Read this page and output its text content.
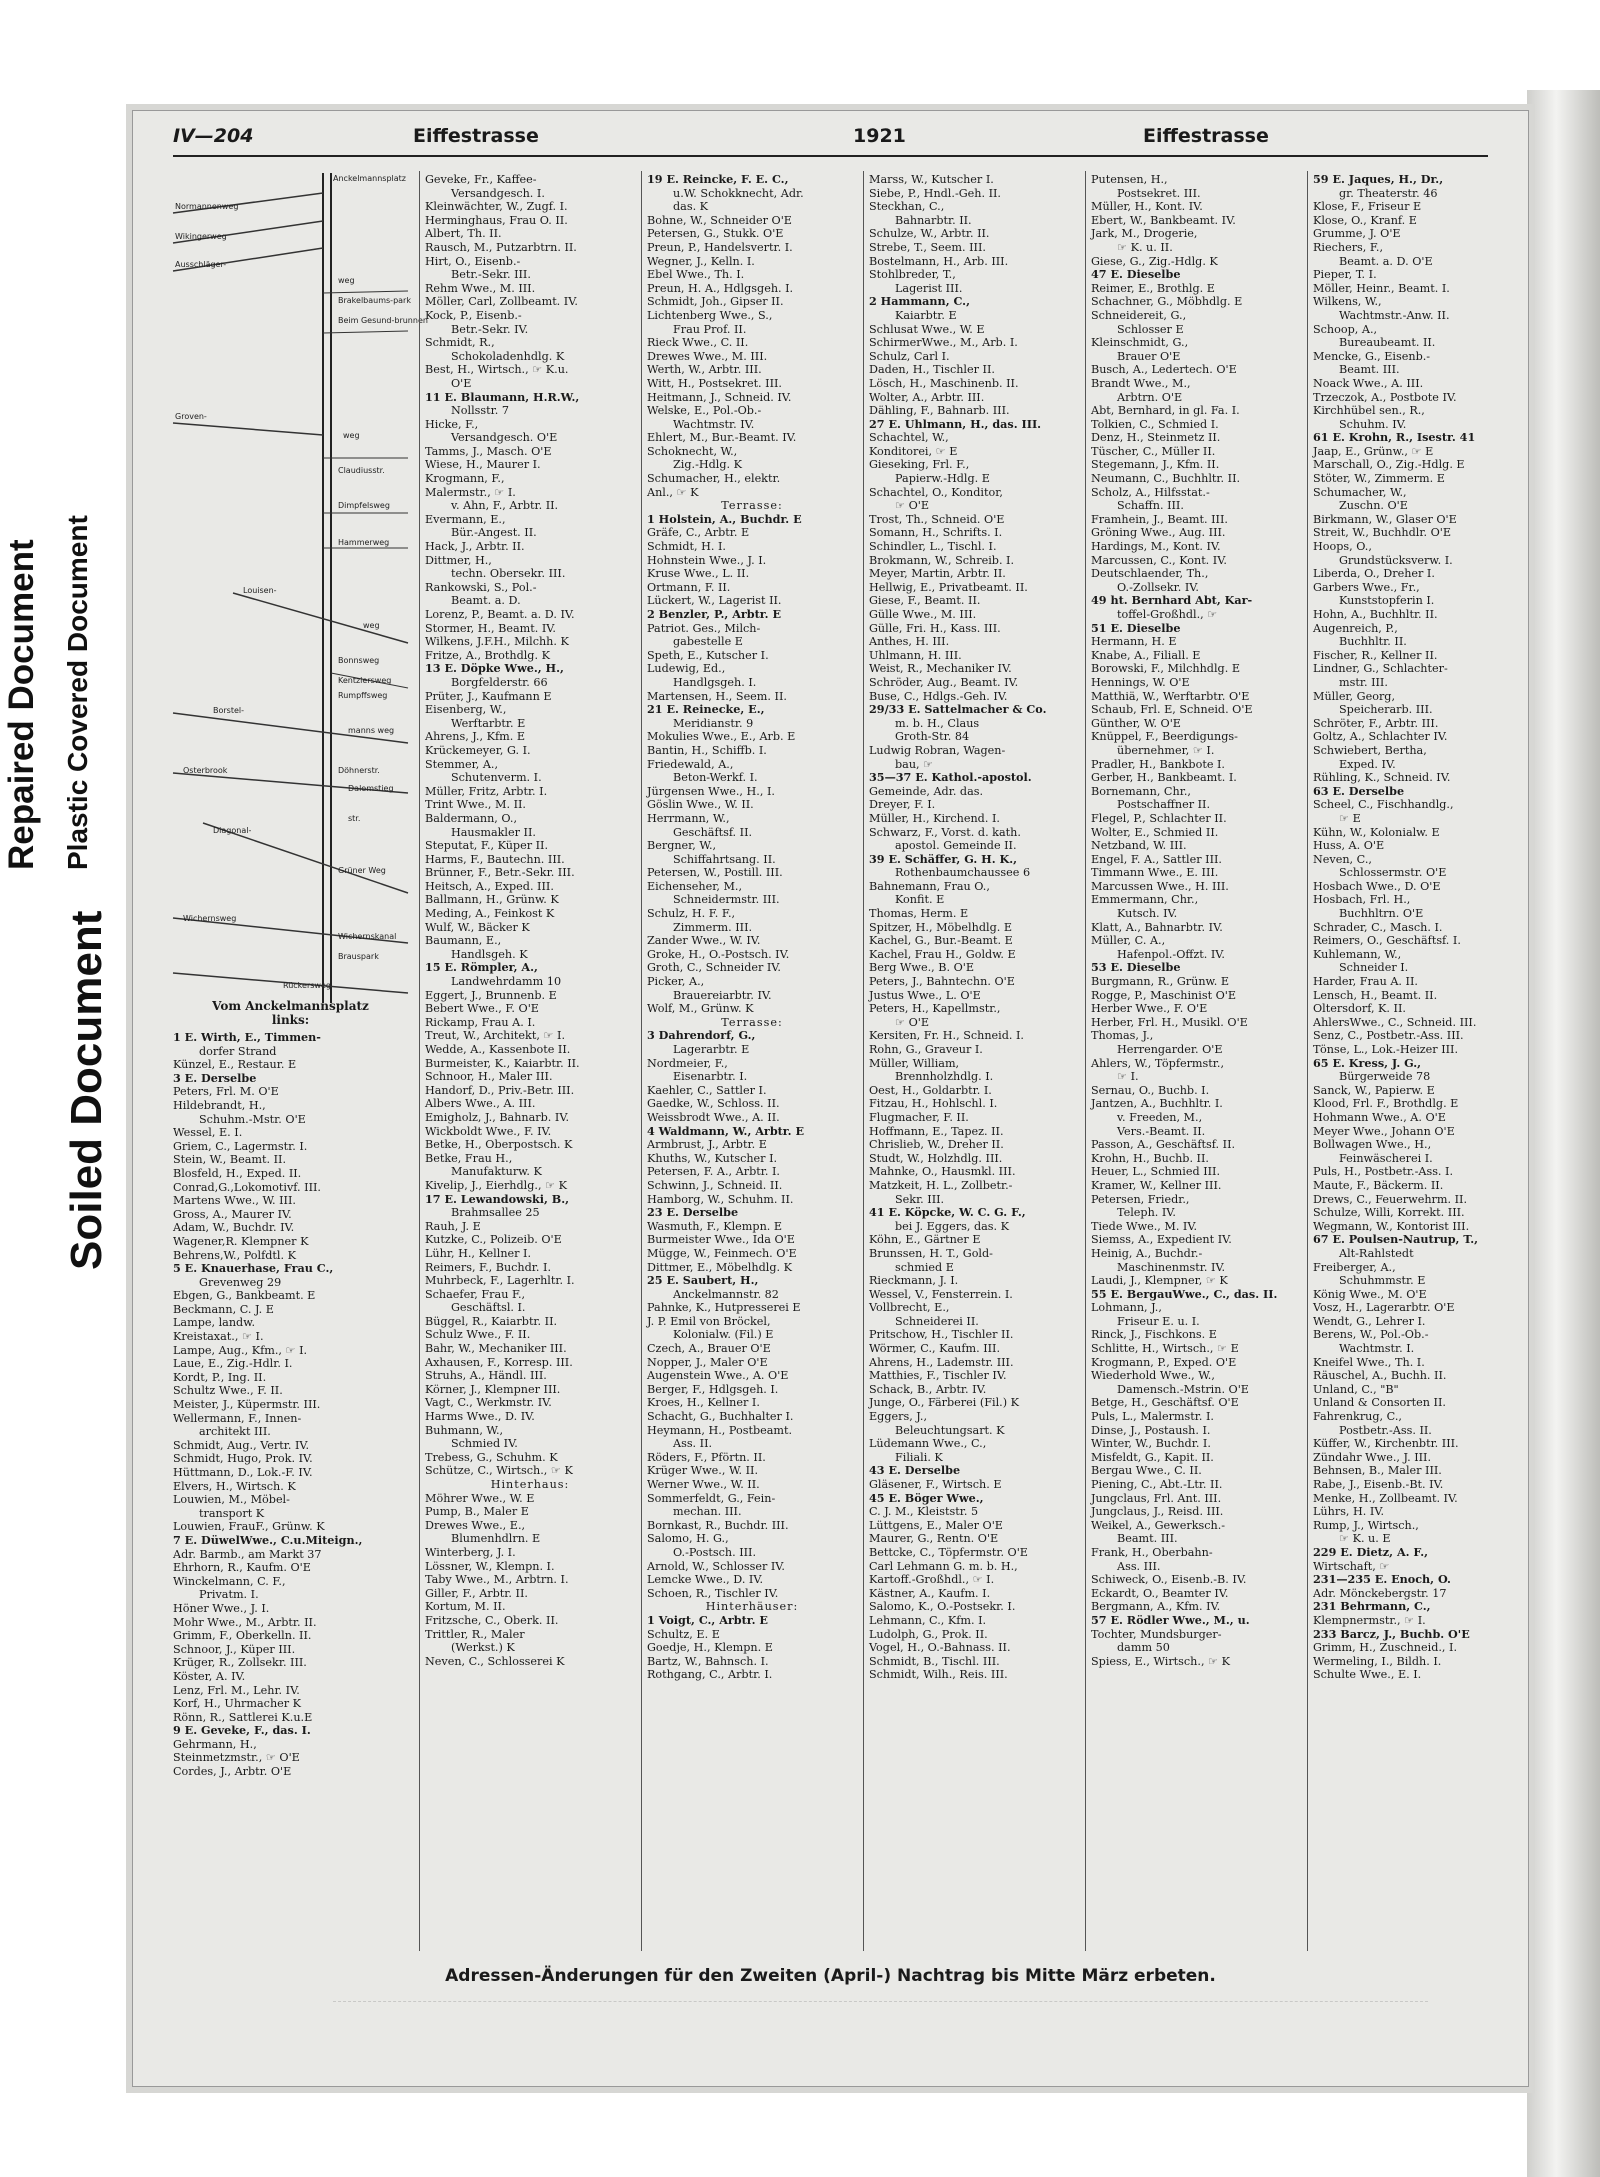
Repaired Document Plastic Covered Document
Soiled Document
IV—204	Eiffestrasse	1921	Eiffestrasse
Anckelmannsplatz
Normannenweg
Wikingerweg
Ausschläger-
weg
Brakelbaums-park
Beim Gesund-brunnen
Groven-
weg
Claudiusstr.
Dimpfelsweg
Hammerweg
Louisen-
weg
Bonnsweg
Kentzlersweg
Rumpffsweg
Borstel-
manns weg
Osterbrook	Döhnerstr.
Dalemstieg
str.
Diagonal-
Grüner Weg
Wichernsweg
Wichernskanal
Brauspark
Rückersweg
Vom Anckelmannsplatz
links:
1 E. Wirth, E., Timmen-
dorfer Strand
Künzel, E., Restaur. E
3 E. Derselbe
Peters, Frl. M. O'E
Hildebrandt, H.,
Schuhm.-Mstr. O'E
Wessel, E. I.
Griem, C., Lagermstr. I.
Stein, W., Beamt. II.
Blosfeld, H., Exped. II.
Conrad,G.,Lokomotivf. III.
Martens Wwe., W. III.
Gross, A., Maurer IV.
Adam, W., Buchdr. IV.
Wagener,R. Klempner K
Behrens,W., Polfdtl. K
5 E. Knauerhase, Frau C.,
Grevenweg 29
Ebgen, G., Bankbeamt. E
Beckmann, C. J. E
Lampe, landw.
Kreistaxat., ☞ I.
Lampe, Aug., Kfm., ☞ I.
Laue, E., Zig.-Hdlr. I.
Kordt, P., Ing. II.
Schultz Wwe., F. II.
Meister, J., Küpermstr. III.
Wellermann, F., Innen-
architekt III.
Schmidt, Aug., Vertr. IV.
Schmidt, Hugo, Prok. IV.
Hüttmann, D., Lok.-F. IV.
Elvers, H., Wirtsch. K
Louwien, M., Möbel-
transport K
Louwien, FrauF., Grünw. K
7 E. DüwelWwe., C.u.Miteign.,
Adr. Barmb., am Markt 37
Ehrhorn, R., Kaufm. O'E
Winckelmann, C. F.,
Privatm. I.
Höner Wwe., J. I.
Mohr Wwe., M., Arbtr. II.
Grimm, F., Oberkelln. II.
Schnoor, J., Küper III.
Krüger, R., Zollsekr. III.
Köster, A. IV.
Lenz, Frl. M., Lehr. IV.
Korf, H., Uhrmacher K
Rönn, R., Sattlerei K.u.E
9 E. Geveke, F., das. I.
Gehrmann, H.,
Steinmetzmstr., ☞ O'E
Cordes, J., Arbtr. O'E
Geveke, Fr., Kaffee-
Versandgesch. I.
Kleinwächter, W., Zugf. I.
Herminghaus, Frau O. II.
Albert, Th. II.
Rausch, M., Putzarbtrn. II.
Hirt, O., Eisenb.-
Betr.-Sekr. III.
Rehm Wwe., M. III.
Möller, Carl, Zollbeamt. IV.
Kock, P., Eisenb.-
Betr.-Sekr. IV.
Schmidt, R.,
Schokoladenhdlg. K
Best, H., Wirtsch., ☞ K.u.
O'E
11 E. Blaumann, H.R.W.,
Nollsstr. 7
Hicke, F.,
Versandgesch. O'E
Tamms, J., Masch. O'E
Wiese, H., Maurer I.
Krogmann, F.,
Malermstr., ☞ I.
v. Ahn, F., Arbtr. II.
Evermann, E.,
Bür.-Angest. II.
Hack, J., Arbtr. II.
Dittmer, H.,
techn. Obersekr. III.
Rankowski, S., Pol.-
Beamt. a. D.
Lorenz, P., Beamt. a. D. IV.
Stormer, H., Beamt. IV.
Wilkens, J.F.H., Milchh. K
Fritze, A., Brothdlg. K
13 E. Döpke Wwe., H.,
Borgfelderstr. 66
Prüter, J., Kaufmann E
Eisenberg, W.,
Werftarbtr. E
Ahrens, J., Kfm. E
Krückemeyer, G. I.
Stemmer, A.,
Schutenverm. I.
Müller, Fritz, Arbtr. I.
Trint Wwe., M. II.
Baldermann, O.,
Hausmakler II.
Steputat, F., Küper II.
Harms, F., Bautechn. III.
Brünner, F., Betr.-Sekr. III.
Heitsch, A., Exped. III.
Ballmann, H., Grünw. K
Meding, A., Feinkost K
Wulf, W., Bäcker K
Baumann, E.,
Handlsgeh. K
15 E. Römpler, A.,
Landwehrdamm 10
Eggert, J., Brunnenb. E
Bebert Wwe., F. O'E
Rickamp, Frau A. I.
Treut, W., Architekt, ☞ I.
Wedde, A., Kassenbote II.
Burmeister, K., Kaiarbtr. II.
Schnoor, H., Maler III.
Handorf, D., Priv.-Betr. III.
Albers Wwe., A. III.
Emigholz, J., Bahnarb. IV.
Wickboldt Wwe., F. IV.
Betke, H., Oberpostsch. K
Betke, Frau H.,
Manufakturw. K
Kivelip, J., Eierhdlg., ☞ K
17 E. Lewandowski, B.,
Brahmsallee 25
Rauh, J. E
Kutzke, C., Polizeib. O'E
Lühr, H., Kellner I.
Reimers, F., Buchdr. I.
Muhrbeck, F., Lagerhltr. I.
Schaefer, Frau F.,
Geschäftsl. I.
Büggel, R., Kaiarbtr. II.
Schulz Wwe., F. II.
Bahr, W., Mechaniker III.
Axhausen, F., Korresp. III.
Struhs, A., Händl. III.
Körner, J., Klempner III.
Vagt, C., Werkmstr. IV.
Harms Wwe., D. IV.
Buhmann, W.,
Schmied IV.
Trebess, G., Schuhm. K
Schütze, C., Wirtsch., ☞ K
Hinterhaus:
Möhrer Wwe., W. E
Pump, B., Maler E
Drewes Wwe., E.,
Blumenhdlrn. E
Winterberg, J. I.
Lössner, W., Klempn. I.
Taby Wwe., M., Arbtrn. I.
Giller, F., Arbtr. II.
Kortum, M. II.
Fritzsche, C., Oberk. II.
Trittler, R., Maler
(Werkst.) K
Neven, C., Schlosserei K
19 E. Reincke, F. E. C.,
u.W. Schokknecht, Adr.
das. K
Bohne, W., Schneider O'E
Petersen, G., Stukk. O'E
Preun, P., Handelsvertr. I.
Wegner, J., Kelln. I.
Ebel Wwe., Th. I.
Preun, H. A., Hdlgsgeh. I.
Schmidt, Joh., Gipser II.
Lichtenberg Wwe., S.,
Frau Prof. II.
Rieck Wwe., C. II.
Drewes Wwe., M. III.
Werth, W., Arbtr. III.
Witt, H., Postsekret. III.
Heitmann, J., Schneid. IV.
Welske, E., Pol.-Ob.-
Wachtmstr. IV.
Ehlert, M., Bur.-Beamt. IV.
Schoknecht, W.,
Zig.-Hdlg. K
Schumacher, H., elektr.
Anl., ☞ K
Terrasse:
1 Holstein, A., Buchdr. E
Gräfe, C., Arbtr. E
Schmidt, H. I.
Hohnstein Wwe., J. I.
Kruse Wwe., L. II.
Ortmann, F. II.
Lückert, W., Lagerist II.
2 Benzler, P., Arbtr. E
Patriot. Ges., Milch-
gabestelle E
Speth, E., Kutscher I.
Ludewig, Ed.,
Handlgsgeh. I.
Martensen, H., Seem. II.
21 E. Reinecke, E.,
Meridianstr. 9
Mokulies Wwe., E., Arb. E
Bantin, H., Schiffb. I.
Friedewald, A.,
Beton-Werkf. I.
Jürgensen Wwe., H., I.
Göslin Wwe., W. II.
Herrmann, W.,
Geschäftsf. II.
Bergner, W.,
Schiffahrtsang. II.
Petersen, W., Postill. III.
Eichenseher, M.,
Schneidermstr. III.
Schulz, H. F. F.,
Zimmerm. III.
Zander Wwe., W. IV.
Groke, H., O.-Postsch. IV.
Groth, C., Schneider IV.
Picker, A.,
Brauereiarbtr. IV.
Wolf, M., Grünw. K
Terrasse:
3 Dahrendorf, G.,
Lagerarbtr. E
Nordmeier, F.,
Eisenarbtr. I.
Kaehler, C., Sattler I.
Gaedke, W., Schloss. II.
Weissbrodt Wwe., A. II.
4 Waldmann, W., Arbtr. E
Armbrust, J., Arbtr. E
Khuths, W., Kutscher I.
Petersen, F. A., Arbtr. I.
Schwinn, J., Schneid. II.
Hamborg, W., Schuhm. II.
23 E. Derselbe
Wasmuth, F., Klempn. E
Burmeister Wwe., Ida O'E
Mügge, W., Feinmech. O'E
Dittmer, E., Möbelhdlg. K
25 E. Saubert, H.,
Anckelmannstr. 82
Pahnke, K., Hutpresserei E
J. P. Emil von Bröckel,
Kolonialw. (Fil.) E
Czech, A., Brauer O'E
Nopper, J., Maler O'E
Augenstein Wwe., A. O'E
Berger, F., Hdlgsgeh. I.
Kroes, H., Kellner I.
Schacht, G., Buchhalter I.
Heymann, H., Postbeamt.
Ass. II.
Röders, F., Pförtn. II.
Krüger Wwe., W. II.
Werner Wwe., W. II.
Sommerfeldt, G., Fein-
mechan. III.
Bornkast, R., Buchdr. III.
Salomo, H. G.,
O.-Postsch. III.
Arnold, W., Schlosser IV.
Lemcke Wwe., D. IV.
Schoen, R., Tischler IV.
Hinterhäuser:
1 Voigt, C., Arbtr. E
Schultz, E. E
Goedje, H., Klempn. E
Bartz, W., Bahnsch. I.
Rothgang, C., Arbtr. I.
Marss, W., Kutscher I.
Siebe, P., Hndl.-Geh. II.
Steckhan, C.,
Bahnarbtr. II.
Schulze, W., Arbtr. II.
Strebe, T., Seem. III.
Bostelmann, H., Arb. III.
Stohlbreder, T.,
Lagerist III.
2 Hammann, C.,
Kaiarbtr. E
Schlusat Wwe., W. E
SchirmerWwe., M., Arb. I.
Schulz, Carl I.
Daden, H., Tischler II.
Lösch, H., Maschinenb. II.
Wolter, A., Arbtr. III.
Dähling, F., Bahnarb. III.
27 E. Uhlmann, H., das. III.
Schachtel, W.,
Konditorei, ☞ E
Gieseking, Frl. F.,
Papierw.-Hdlg. E
Schachtel, O., Konditor,
☞ O'E
Trost, Th., Schneid. O'E
Somann, H., Schrifts. I.
Schindler, L., Tischl. I.
Brokmann, W., Schreib. I.
Meyer, Martin, Arbtr. II.
Hellwig, E., Privatbeamt. II.
Giese, F., Beamt. II.
Gülle Wwe., M. III.
Gülle, Fri. H., Kass. III.
Anthes, H. III.
Uhlmann, H. III.
Weist, R., Mechaniker IV.
Schröder, Aug., Beamt. IV.
Buse, C., Hdlgs.-Geh. IV.
29/33 E. Sattelmacher & Co.
m. b. H., Claus
Groth-Str. 84
Ludwig Robran, Wagen-
bau, ☞
35—37 E. Kathol.-apostol.
Gemeinde, Adr. das.
Dreyer, F. I.
Müller, H., Kirchend. I.
Schwarz, F., Vorst. d. kath.
apostol. Gemeinde II.
39 E. Schäffer, G. H. K.,
Rothenbaumchaussee 6
Bahnemann, Frau O.,
Konfit. E
Thomas, Herm. E
Spitzer, H., Möbelhdlg. E
Kachel, G., Bur.-Beamt. E
Kachel, Frau H., Goldw. E
Berg Wwe., B. O'E
Peters, J., Bahntechn. O'E
Justus Wwe., L. O'E
Peters, H., Kapellmstr.,
☞ O'E
Kersiten, Fr. H., Schneid. I.
Rohn, G., Graveur I.
Müller, William,
Brennholzhdlg. I.
Oest, H., Goldarbtr. I.
Fitzau, H., Hohlschl. I.
Flugmacher, F. II.
Hoffmann, E., Tapez. II.
Chrislieb, W., Dreher II.
Studt, W., Holzhdlg. III.
Mahnke, O., Hausmkl. III.
Matzkeit, H. L., Zollbetr.-
Sekr. III.
41 E. Köpcke, W. C. G. F.,
bei J. Eggers, das. K
Köhn, E., Gärtner E
Brunssen, H. T., Gold-
schmied E
Rieckmann, J. I.
Wessel, V., Fensterrein. I.
Vollbrecht, E.,
Schneiderei II.
Pritschow, H., Tischler II.
Wörmer, C., Kaufm. III.
Ahrens, H., Lademstr. III.
Matthies, F., Tischler IV.
Schack, B., Arbtr. IV.
Junge, O., Färberei (Fil.) K
Eggers, J.,
Beleuchtungsart. K
Lüdemann Wwe., C.,
Filiali. K
43 E. Derselbe
Gläsener, F., Wirtsch. E
45 E. Böger Wwe.,
C. J. M., Kleiststr. 5
Lüttgens, E., Maler O'E
Maurer, G., Rentn. O'E
Bettcke, C., Töpfermstr. O'E
Carl Lehmann G. m. b. H.,
Kartoff.-Großhdl., ☞ I.
Kästner, A., Kaufm. I.
Salomo, K., O.-Postsekr. I.
Lehmann, C., Kfm. I.
Ludolph, G., Prok. II.
Vogel, H., O.-Bahnass. II.
Schmidt, B., Tischl. III.
Schmidt, Wilh., Reis. III.
Putensen, H.,
Postsekret. III.
Müller, H., Kont. IV.
Ebert, W., Bankbeamt. IV.
Jark, M., Drogerie,
☞ K. u. II.
Giese, G., Zig.-Hdlg. K
47 E. Dieselbe
Reimer, E., Brothlg. E
Schachner, G., Möbhdlg. E
Schneidereit, G.,
Schlosser E
Kleinschmidt, G.,
Brauer O'E
Busch, A., Ledertech. O'E
Brandt Wwe., M.,
Arbtrn. O'E
Abt, Bernhard, in gl. Fa. I.
Tolkien, C., Schmied I.
Denz, H., Steinmetz II.
Tüscher, C., Müller II.
Stegemann, J., Kfm. II.
Neumann, C., Buchhltr. II.
Scholz, A., Hilfsstat.-
Schaffn. III.
Framhein, J., Beamt. III.
Gröning Wwe., Aug. III.
Hardings, M., Kont. IV.
Marcussen, C., Kont. IV.
Deutschlaender, Th.,
O.-Zollsekr. IV.
49 ht. Bernhard Abt, Kar-
toffel-Großhdl., ☞
51 E. Dieselbe
Hermann, H. E
Knabe, A., Filiall. E
Borowski, F., Milchhdlg. E
Hennings, W. O'E
Matthiä, W., Werftarbtr. O'E
Schaub, Frl. E, Schneid. O'E
Günther, W. O'E
Knüppel, F., Beerdigungs-
übernehmer, ☞ I.
Pradler, H., Bankbote I.
Gerber, H., Bankbeamt. I.
Bornemann, Chr.,
Postschaffner II.
Flegel, P., Schlachter II.
Wolter, E., Schmied II.
Netzband, W. III.
Engel, F. A., Sattler III.
Timmann Wwe., E. III.
Marcussen Wwe., H. III.
Emmermann, Chr.,
Kutsch. IV.
Klatt, A., Bahnarbtr. IV.
Müller, C. A.,
Hafenpol.-Offzt. IV.
53 E. Dieselbe
Burgmann, R., Grünw. E
Rogge, P., Maschinist O'E
Herber Wwe., F. O'E
Herber, Frl. H., Musikl. O'E
Thomas, J.,
Herrengarder. O'E
Ahlers, W., Töpfermstr.,
☞ I.
Sernau, O., Buchb. I.
Jantzen, A., Buchhltr. I.
v. Freeden, M.,
Vers.-Beamt. II.
Passon, A., Geschäftsf. II.
Krohn, H., Buchb. II.
Heuer, L., Schmied III.
Kramer, W., Kellner III.
Petersen, Friedr.,
Teleph. IV.
Tiede Wwe., M. IV.
Siemss, A., Expedient IV.
Heinig, A., Buchdr.-
Maschinenmstr. IV.
Laudi, J., Klempner, ☞ K
55 E. BergauWwe., C., das. II.
Lohmann, J.,
Friseur E. u. I.
Rinck, J., Fischkons. E
Schlitte, H., Wirtsch., ☞ E
Krogmann, P., Exped. O'E
Wiederhold Wwe., W.,
Damensch.-Mstrin. O'E
Betge, H., Geschäftsf. O'E
Puls, L., Malermstr. I.
Dinse, J., Postaush. I.
Winter, W., Buchdr. I.
Misfeldt, G., Kapit. II.
Bergau Wwe., C. II.
Piening, C., Abt.-Ltr. II.
Jungclaus, Frl. Ant. III.
Jungclaus, J., Reisd. III.
Weikel, A., Gewerksch.-
Beamt. III.
Frank, H., Oberbahn-
Ass. III.
Schiweck, O., Eisenb.-B. IV.
Eckardt, O., Beamter IV.
Bergmann, A., Kfm. IV.
57 E. Rödler Wwe., M., u.
Tochter, Mundsburger-
damm 50
Spiess, E., Wirtsch., ☞ K
59 E. Jaques, H., Dr.,
gr. Theaterstr. 46
Klose, F., Friseur E
Klose, O., Kranf. E
Grumme, J. O'E
Riechers, F.,
Beamt. a. D. O'E
Pieper, T. I.
Möller, Heinr., Beamt. I.
Wilkens, W.,
Wachtmstr.-Anw. II.
Schoop, A.,
Bureaubeamt. II.
Mencke, G., Eisenb.-
Beamt. III.
Noack Wwe., A. III.
Trzeczok, A., Postbote IV.
Kirchhübel sen., R.,
Schuhm. IV.
61 E. Krohn, R., Isestr. 41
Jaap, E., Grünw., ☞ E
Marschall, O., Zig.-Hdlg. E
Stöter, W., Zimmerm. E
Schumacher, W.,
Zuschn. O'E
Birkmann, W., Glaser O'E
Streit, W., Buchhdlr. O'E
Hoops, O.,
Grundstücksverw. I.
Liberda, O., Dreher I.
Garbers Wwe., Fr.,
Kunststopferin I.
Hohn, A., Buchhltr. II.
Augenreich, P.,
Buchhltr. II.
Fischer, R., Kellner II.
Lindner, G., Schlachter-
mstr. III.
Müller, Georg,
Speicherarb. III.
Schröter, F., Arbtr. III.
Goltz, A., Schlachter IV.
Schwiebert, Bertha,
Exped. IV.
Rühling, K., Schneid. IV.
63 E. Derselbe
Scheel, C., Fischhandlg.,
☞ E
Kühn, W., Kolonialw. E
Huss, A. O'E
Neven, C.,
Schlossermstr. O'E
Hosbach Wwe., D. O'E
Hosbach, Frl. H.,
Buchhltrn. O'E
Schrader, C., Masch. I.
Reimers, O., Geschäftsf. I.
Kuhlemann, W.,
Schneider I.
Harder, Frau A. II.
Lensch, H., Beamt. II.
Oltersdorf, K. II.
AhlersWwe., C., Schneid. III.
Senz, C., Postbetr.-Ass. III.
Tönse, L., Lok.-Heizer III.
65 E. Kress, J. G.,
Bürgerweide 78
Sanck, W., Papierw. E
Klood, Frl. F., Brothdlg. E
Hohmann Wwe., A. O'E
Meyer Wwe., Johann O'E
Bollwagen Wwe., H.,
Feinwäscherei I.
Puls, H., Postbetr.-Ass. I.
Maute, F., Bäckerm. II.
Drews, C., Feuerwehrm. II.
Schulze, Willi, Korrekt. III.
Wegmann, W., Kontorist III.
67 E. Poulsen-Nautrup, T.,
Alt-Rahlstedt
Freiberger, A.,
Schuhmmstr. E
König Wwe., M. O'E
Vosz, H., Lagerarbtr. O'E
Wendt, G., Lehrer I.
Berens, W., Pol.-Ob.-
Wachtmstr. I.
Kneifel Wwe., Th. I.
Räuschel, A., Buchh. II.
Unland, C., "B"
Unland & Consorten II.
Fahrenkrug, C.,
Postbetr.-Ass. II.
Küffer, W., Kirchenbtr. III.
Zündahr Wwe., J. III.
Behnsen, B., Maler III.
Rabe, J., Eisenb.-Bt. IV.
Menke, H., Zollbeamt. IV.
Lührs, H. IV.
Rump, J., Wirtsch.,
☞ K. u. E
229 E. Dietz, A. F.,
Wirtschaft, ☞
231—235 E. Enoch, O.
Adr. Mönckebergstr. 17
231 Behrmann, C.,
Klempnermstr., ☞ I.
233 Barcz, J., Buchb. O'E
Grimm, H., Zuschneid., I.
Wermeling, I., Bildh. I.
Schulte Wwe., E. I.
Adressen-Änderungen für den Zweiten (April-) Nachtrag bis Mitte März erbeten.
